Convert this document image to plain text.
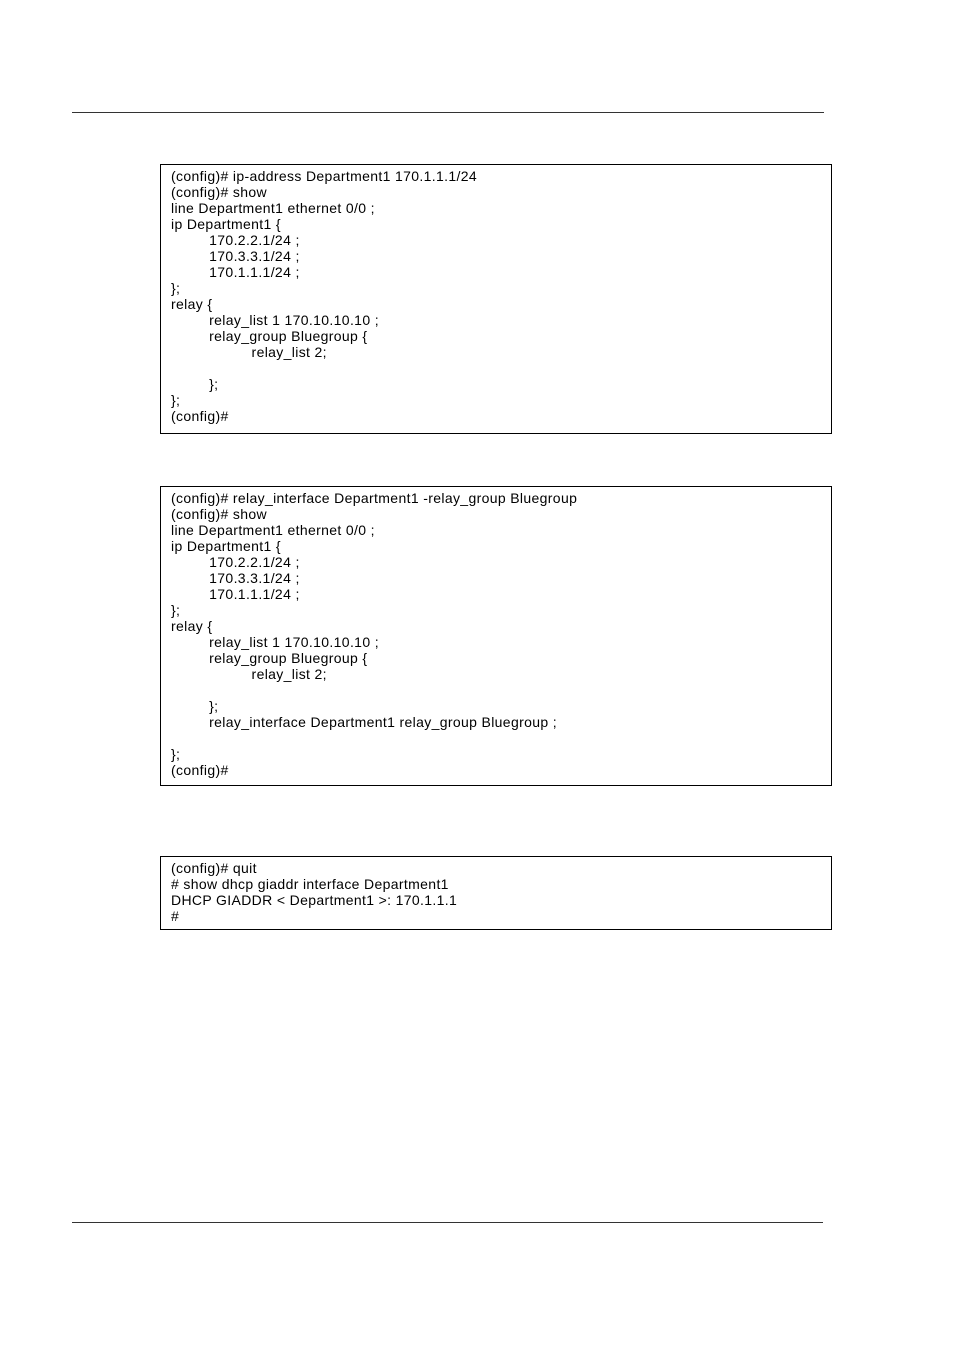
(config)# ip-address Department1 170.1.1.1/24
(config)# show
line Department1 ethernet 0/0 ;
ip Department1 {
170.2.2.1/24 ;
170.3.3.1/24 ;
170.1.1.1/24 ;
};
relay {
relay_list 1 170.10.10.10 ;
relay_group Bluegroup {
relay_list 2;
};
};
(config)#
(config)# relay_interface Department1 -relay_group Bluegroup
(config)# show
line Department1 ethernet 0/0 ;
ip Department1 {
170.2.2.1/24 ;
170.3.3.1/24 ;
170.1.1.1/24 ;
};
relay {
relay_list 1 170.10.10.10 ;
relay_group Bluegroup {
relay_list 2;
};
relay_interface Department1 relay_group Bluegroup ;
};
(config)#
(config)# quit
# show dhcp giaddr interface Department1
DHCP GIADDR < Department1 >: 170.1.1.1
#
